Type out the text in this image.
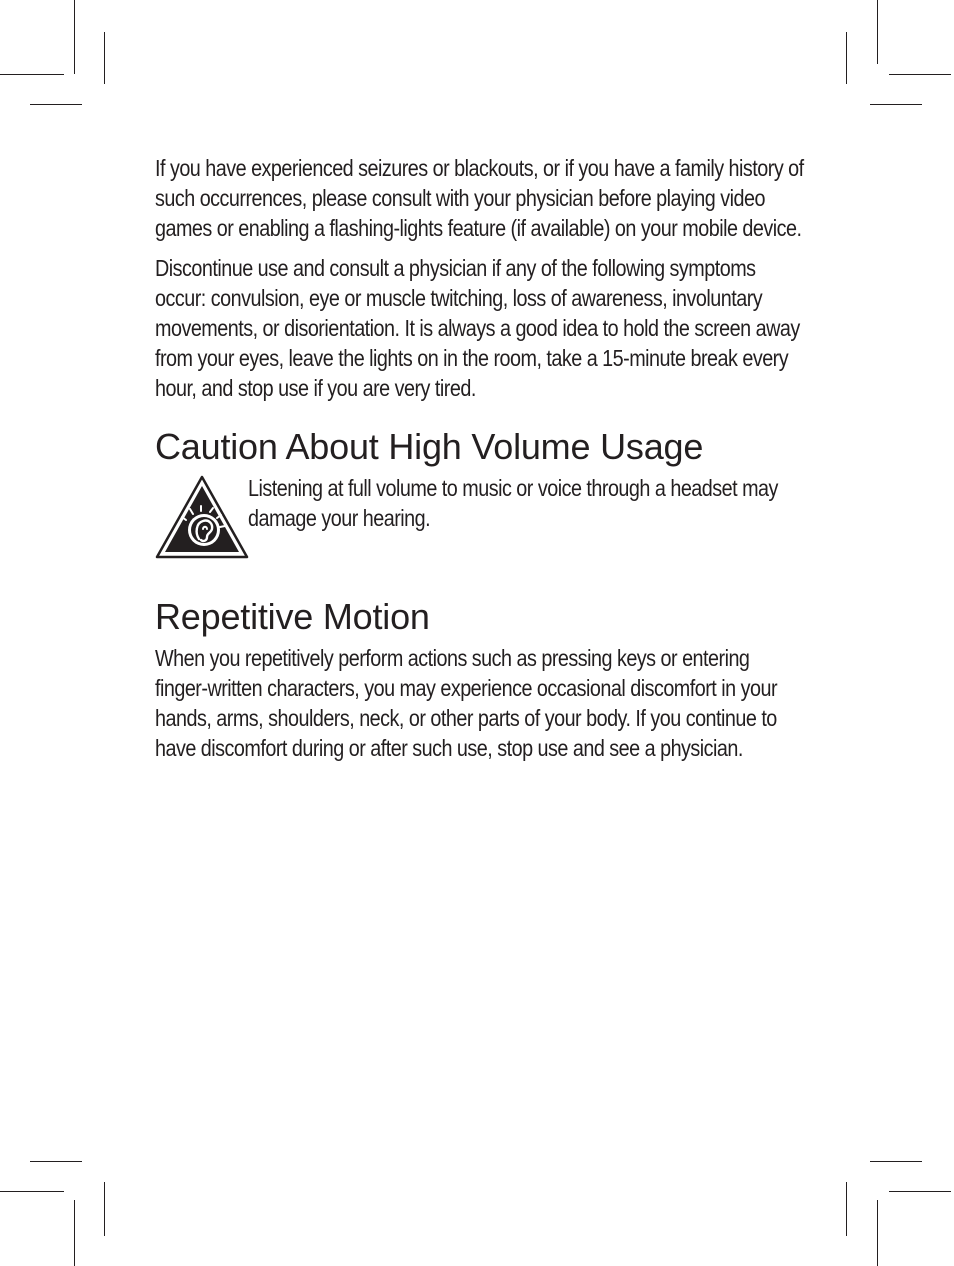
If you have experienced seizures or blackouts, or if you have a family history of such occurrences, please consult with your physician before playing video games or enabling a flashing-lights feature (if available) on your mobile device.

Discontinue use and consult a physician if any of the following symptoms occur: convulsion, eye or muscle twitching, loss of awareness, involuntary movements, or disorientation. It is always a good idea to hold the screen away from your eyes, leave the lights on in the room, take a 15-minute break every hour, and stop use if you are very tired.

Caution About High Volume Usage

Listening at full volume to music or voice through a headset may damage your hearing.

Repetitive Motion

When you repetitively perform actions such as pressing keys or entering finger-written characters, you may experience occasional discomfort in your hands, arms, shoulders, neck, or other parts of your body. If you continue to have discomfort during or after such use, stop use and see a physician.
